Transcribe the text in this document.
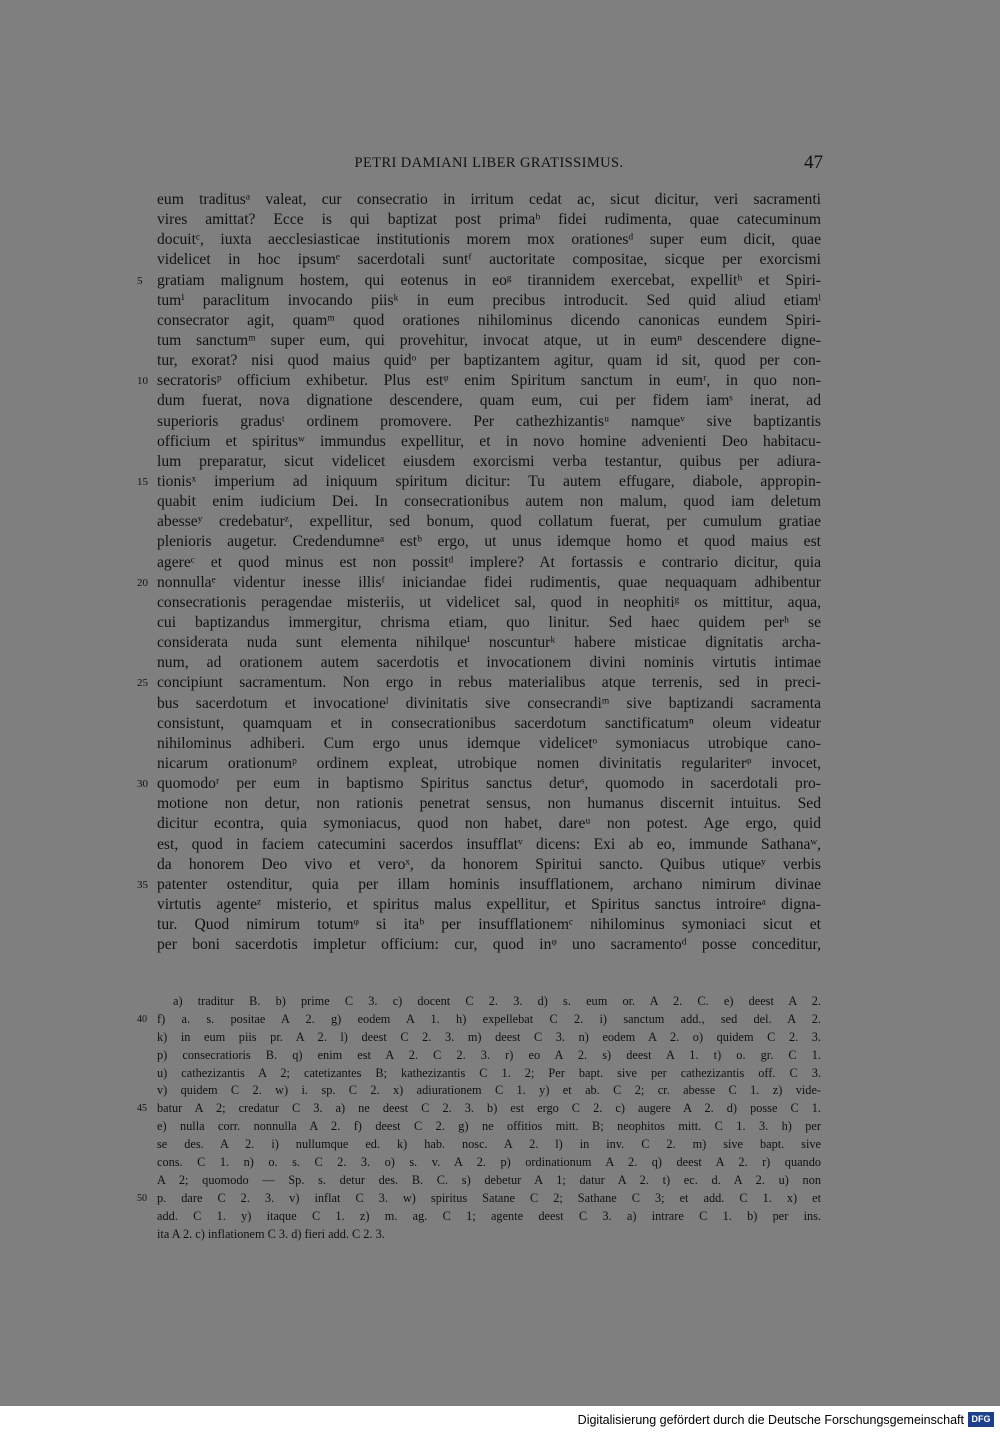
PETRI DAMIANI LIBER GRATISSIMUS.	47
eum traditusᵃ valeat, cur consecratio in irritum cedat ac, sicut dicitur, veri sacramenti
vires amittat? Ecce is qui baptizat post primaᵇ fidei rudimenta, quae catecuminum
docuitᶜ, iuxta aecclesiasticae institutionis morem mox orationesᵈ super eum dicit, quae
videlicet in hoc ipsumᵉ sacerdotali suntᶠ auctoritate compositae, sicque per exorcismi
5 gratiam malignum hostem, qui eotenus in eoᵍ tirannidem exercebat, expellitʰ et Spiri-
tumⁱ paraclitum invocando piisᵏ in eum precibus introducit. Sed quid aliud etiamˡ
consecrator agit, quamᵐ quod orationes nihilominus dicendo canonicas eundem Spiri-
tum sanctumᵐ super eum, qui provehitur, invocat atque, ut in eumⁿ descendere digne-
tur, exorat? nisi quod maius quidᵒ per baptizantem agitur, quam id sit, quod per con-
10 secratorisᵖ officium exhibetur. Plus estᵠ enim Spiritum sanctum in eumʳ, in quo non-
dum fuerat, nova dignatione descendere, quam eum, cui per fidem iamˢ inerat, ad
superioris gradusᵗ ordinem promovere. Per cathezhizantisᵘ namqueᵛ sive baptizantis
officium et spiritusʷ immundus expellitur, et in novo homine advenienti Deo habitacu-
lum preparatur, sicut videlicet eiusdem exorcismi verba testantur, quibus per adiura-
15 tionisˣ imperium ad iniquum spiritum dicitur: Tu autem effugare, diabole, appropin-
quabit enim iudicium Dei. In consecrationibus autem non malum, quod iam deletum
abesseʸ credebaturᶻ, expellitur, sed bonum, quod collatum fuerat, per cumulum gratiae
plenioris augetur. Credendumneᵃ estᵇ ergo, ut unus idemque homo et quod maius est
agereᶜ et quod minus est non possitᵈ implere? At fortassis e contrario dicitur, quia
20 nonnullaᵉ videntur inesse illisᶠ iniciandae fidei rudimentis, quae nequaquam adhibentur
consecrationis peragendae misteriis, ut videlicet sal, quod in neophitiᵍ os mittitur, aqua,
cui baptizandus immergitur, chrisma etiam, quo linitur. Sed haec quidem perʰ se
considerata nuda sunt elementa nihilqueⁱ noscunturᵏ habere misticae dignitatis archa-
num, ad orationem autem sacerdotis et invocationem divini nominis virtutis intimae
25 concipiunt sacramentum. Non ergo in rebus materialibus atque terrenis, sed in preci-
bus sacerdotum et invocationeˡ divinitatis sive consecrandiᵐ sive baptizandi sacramenta
consistunt, quamquam et in consecrationibus sacerdotum sanctificatumⁿ oleum videatur
nihilominus adhiberi. Cum ergo unus idemque videlicetᵒ symoniacus utrobique cano-
nicarum orationumᵖ ordinem expleat, utrobique nomen divinitatis regulariterᵠ invocet,
30 quomodoʳ per eum in baptismo Spiritus sanctus deturˢ, quomodo in sacerdotali pro-
motione non detur, non rationis penetrat sensus, non humanus discernit intuitus. Sed
dicitur econtra, quia symoniacus, quod non habet, dareᵘ non potest. Age ergo, quid
est, quod in faciem catecumini sacerdos insufflatᵛ dicens: Exi ab eo, immunde Sathanaʷ,
da honorem Deo vivo et veroˣ, da honorem Spiritui sancto. Quibus utiqueʸ verbis
35 patenter ostenditur, quia per illam hominis insufflationem, archano nimirum divinae
virtutis agenteᶻ misterio, et spiritus malus expellitur, et Spiritus sanctus introireᵃ digna-
tur. Quod nimirum totumᵠ si itaᵇ per insufflationemᶜ nihilominus symoniaci sicut et
per boni sacerdotis impletur officium: cur, quod inᵠ uno sacramentoᵈ posse conceditur,
a) traditur B. b) prime C 3. c) docent C 2. 3. d) s. eum or. A 2. C. e) deest A 2.
40 f) a. s. positae A 2. g) eodem A 1. h) expellebat C 2. i) sanctum add., sed del. A 2.
k) in eum piis pr. A 2. l) deest C 2. 3. m) deest C 3. n) eodem A 2. o) quidem C 2. 3.
p) consecratioris B. q) enim est A 2. C 2. 3. r) eo A 2. s) deest A 1. t) o. gr. C 1.
u) cathezizantis A 2; catetizantes B; kathezizantis C 1. 2; Per bapt. sive per cathezizantis off. C 3.
v) quidem C 2. w) i. sp. C 2. x) adiurationem C 1. y) et ab. C 2; cr. abesse C 1. z) vide-
45 batur A 2; credatur C 3. a) ne deest C 2. 3. b) est ergo C 2. c) augere A 2. d) posse C 1.
e) nulla corr. nonnulla A 2. f) deest C 2. g) ne offitios mitt. B; neophitos mitt. C 1. 3. h) per
se des. A 2. i) nullumque ed. k) hab. nosc. A 2. l) in inv. C 2. m) sive bapt. sive
cons. C 1. n) o. s. C 2. 3. o) s. v. A 2. p) ordinationum A 2. q) deest A 2. r) quando
A 2; quomodo — Sp. s. detur des. B. C. s) debetur A 1; datur A 2. t) ec. d. A 2. u) non
50 p. dare C 2. 3. v) inflat C 3. w) spiritus Satane C 2; Sathane C 3; et add. C 1. x) et
add. C 1. y) itaque C 1. z) m. ag. C 1; agente deest C 3. a) intrare C 1. b) per ins.
ita A 2. c) inflationem C 3. d) fieri add. C 2. 3.
Digitalisierung gefördert durch die Deutsche Forschungsgemeinschaft DFG
